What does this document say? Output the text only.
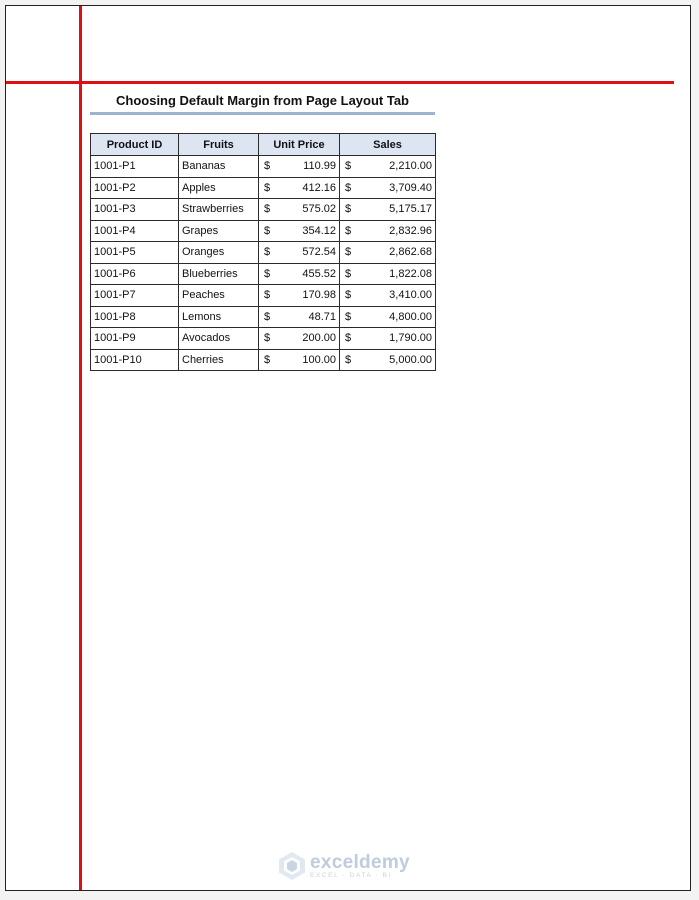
Choosing Default Margin from Page Layout Tab
Product ID	Fruits	Unit Price	Sales
1001-P1	Bananas	$ 110.99	$ 2,210.00

1001-P2	Apples	$ 412.16	$ 3,709.40

1001-P3	Strawberries	$ 575.02	$ 5,175.17

1001-P4	Grapes	$ 354.12	$ 2,832.96

1001-P5	Oranges	$ 572.54	$ 2,862.68

1001-P6	Blueberries	$ 455.52	$ 1,822.08

1001-P7	Peaches	$ 170.98	$ 3,410.00

1001-P8	Lemons	$ 48.71	$ 4,800.00

1001-P9	Avocados	$ 200.00	$ 1,790.00

1001-P10	Cherries	$ 100.00	$ 5,000.00
exceldemy
EXCEL · DATA · BI
